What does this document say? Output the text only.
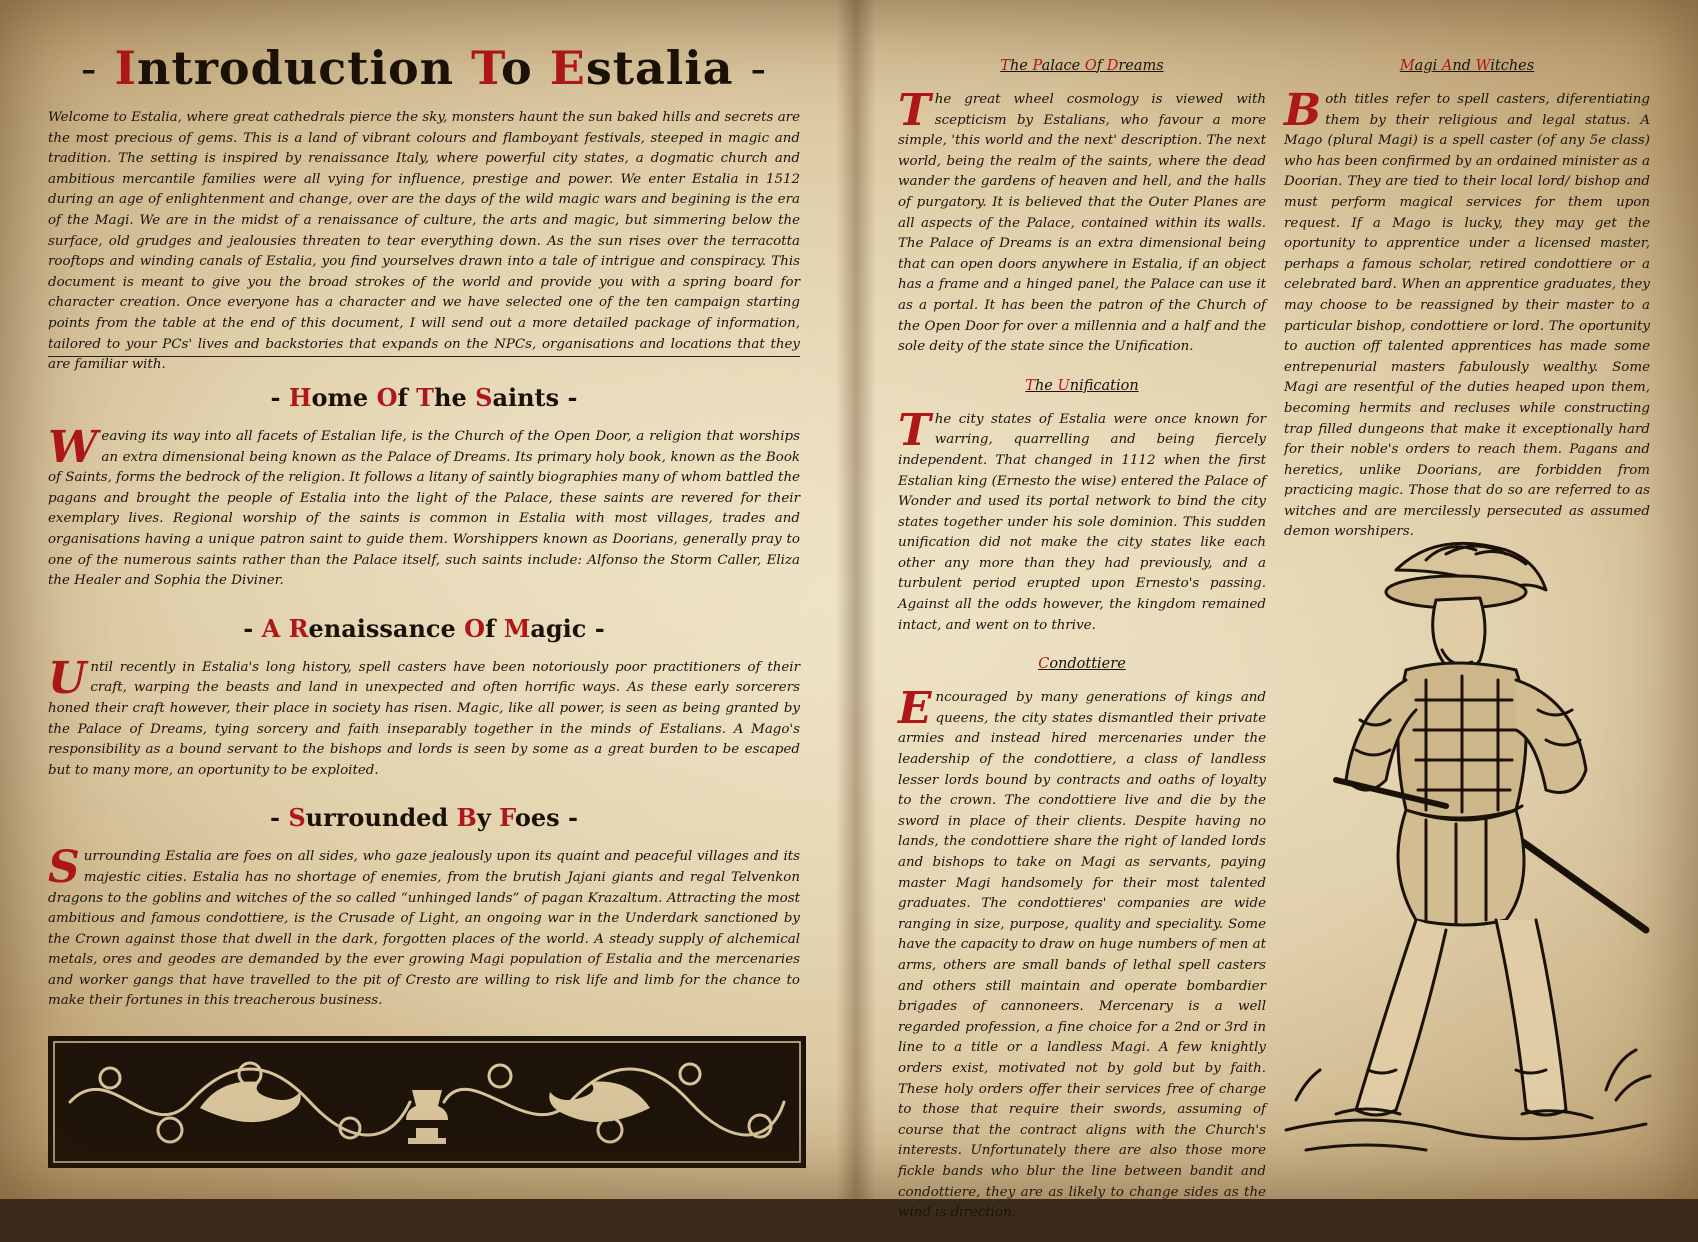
- Introduction To Estalia -

Welcome to Estalia, where great cathedrals pierce the sky, monsters haunt the sun baked hills and secrets are the most precious of gems. This is a land of vibrant colours and flamboyant festivals, steeped in magic and tradition. The setting is inspired by renaissance Italy, where powerful city states, a dogmatic church and ambitious mercantile families were all vying for influence, prestige and power. We enter Estalia in 1512 during an age of enlightenment and change, over are the days of the wild magic wars and begining is the era of the Magi. We are in the midst of a renaissance of culture, the arts and magic, but simmering below the surface, old grudges and jealousies threaten to tear everything down. As the sun rises over the terracotta rooftops and winding canals of Estalia, you find yourselves drawn into a tale of intrigue and conspiracy. This document is meant to give you the broad strokes of the world and provide you with a spring board for character creation. Once everyone has a character and we have selected one of the ten campaign starting points from the table at the end of this document, I will send out a more detailed package of information, tailored to your PCs' lives and backstories that expands on the NPCs, organisations and locations that they are familiar with.

- Home Of The Saints -

Weaving its way into all facets of Estalian life, is the Church of the Open Door, a religion that worships an extra dimensional being known as the Palace of Dreams. Its primary holy book, known as the Book of Saints, forms the bedrock of the religion. It follows a litany of saintly biographies many of whom battled the pagans and brought the people of Estalia into the light of the Palace, these saints are revered for their exemplary lives. Regional worship of the saints is common in Estalia with most villages, trades and organisations having a unique patron saint to guide them. Worshippers known as Doorians, generally pray to one of the numerous saints rather than the Palace itself, such saints include: Alfonso the Storm Caller, Eliza the Healer and Sophia the Diviner.

- A Renaissance Of Magic -

Until recently in Estalia's long history, spell casters have been notoriously poor practitioners of their craft, warping the beasts and land in unexpected and often horrific ways. As these early sorcerers honed their craft however, their place in society has risen. Magic, like all power, is seen as being granted by the Palace of Dreams, tying sorcery and faith inseparably together in the minds of Estalians. A Mago's responsibility as a bound servant to the bishops and lords is seen by some as a great burden to be escaped but to many more, an oportunity to be exploited.

- Surrounded By Foes -

Surrounding Estalia are foes on all sides, who gaze jealously upon its quaint and peaceful villages and its majestic cities. Estalia has no shortage of enemies, from the brutish Jajani giants and regal Telvenkon dragons to the goblins and witches of the so called “unhinged lands” of pagan Krazaltum. Attracting the most ambitious and famous condottiere, is the Crusade of Light, an ongoing war in the Underdark sanctioned by the Crown against those that dwell in the dark, forgotten places of the world. A steady supply of alchemical metals, ores and geodes are demanded by the ever growing Magi population of Estalia and the mercenaries and worker gangs that have travelled to the pit of Cresto are willing to risk life and limb for the chance to make their fortunes in this treacherous business.

The Palace Of Dreams

The great wheel cosmology is viewed with scepticism by Estalians, who favour a more simple, 'this world and the next' description. The next world, being the realm of the saints, where the dead wander the gardens of heaven and hell, and the halls of purgatory. It is believed that the Outer Planes are all aspects of the Palace, contained within its walls. The Palace of Dreams is an extra dimensional being that can open doors anywhere in Estalia, if an object has a frame and a hinged panel, the Palace can use it as a portal. It has been the patron of the Church of the Open Door for over a millennia and a half and the sole deity of the state since the Unification.

The Unification

The city states of Estalia were once known for warring, quarrelling and being fiercely independent. That changed in 1112 when the first Estalian king (Ernesto the wise) entered the Palace of Wonder and used its portal network to bind the city states together under his sole dominion. This sudden unification did not make the city states like each other any more than they had previously, and a turbulent period erupted upon Ernesto's passing. Against all the odds however, the kingdom remained intact, and went on to thrive.

Condottiere

Encouraged by many generations of kings and queens, the city states dismantled their private armies and instead hired mercenaries under the leadership of the condottiere, a class of landless lesser lords bound by contracts and oaths of loyalty to the crown. The condottiere live and die by the sword in place of their clients. Despite having no lands, the condottiere share the right of landed lords and bishops to take on Magi as servants, paying master Magi handsomely for their most talented graduates. The condottieres' companies are wide ranging in size, purpose, quality and speciality. Some have the capacity to draw on huge numbers of men at arms, others are small bands of lethal spell casters and others still maintain and operate bombardier brigades of cannoneers. Mercenary is a well regarded profession, a fine choice for a 2nd or 3rd in line to a title or a landless Magi. A few knightly orders exist, motivated not by gold but by faith. These holy orders offer their services free of charge to those that require their swords, assuming of course that the contract aligns with the Church's interests. Unfortunately there are also those more fickle bands who blur the line between bandit and condottiere, they are as likely to change sides as the wind is direction.

Magi And Witches

Both titles refer to spell casters, diferentiating them by their religious and legal status. A Mago (plural Magi) is a spell caster (of any 5e class) who has been confirmed by an ordained minister as a Doorian. They are tied to their local lord/ bishop and must perform magical services for them upon request. If a Mago is lucky, they may get the oportunity to apprentice under a licensed master, perhaps a famous scholar, retired condottiere or a celebrated bard. When an apprentice graduates, they may choose to be reassigned by their master to a particular bishop, condottiere or lord. The oportunity to auction off talented apprentices has made some entrepenurial masters fabulously wealthy. Some Magi are resentful of the duties heaped upon them, becoming hermits and recluses while constructing trap filled dungeons that make it exceptionally hard for their noble's orders to reach them. Pagans and heretics, unlike Doorians, are forbidden from practicing magic. Those that do so are referred to as witches and are mercilessly persecuted as assumed demon worshipers.
